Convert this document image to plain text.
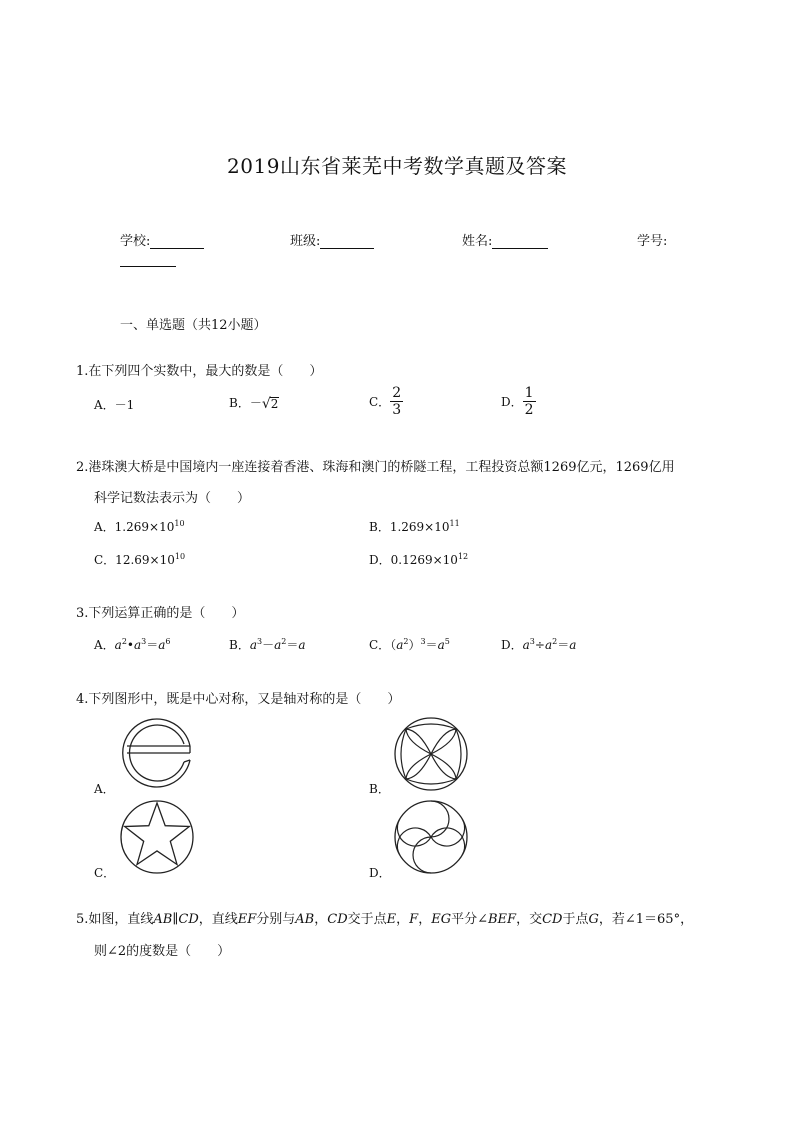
2019山东省莱芜中考数学真题及答案
学校:	班级:	姓名:	学号:
一、单选题（共12小题）
1.在下列四个实数中，最大的数是（　　）
A．－1	B．－√2	C． $\frac{2}{3}$	D． $\frac{1}{2}$
2.港珠澳大桥是中国境内一座连接着香港、珠海和澳门的桥隧工程，工程投资总额1269亿元，1269亿用
科学记数法表示为（　　）
A．$1.269\times 10^{10}$	B．$1.269\times 10^{11}$
C．$12.69\times 10^{10}$	D．$0.1269\times 10^{12}$
3.下列运算正确的是（　　）
A．$a^2•a^3=a^6$	B．$a^3-a^2=a$	C．$(a^2)^3=a^5$	D．$a^3\div a^2=a$
4.下列图形中，既是中心对称，又是轴对称的是（　　）
A．	B．
C．	D．
5.如图，直线AB∥CD，直线EF分别与AB，CD交于点E，F，EG平分∠BEF，交CD于点G，若∠1＝65°，
则∠2的度数是（　　）
